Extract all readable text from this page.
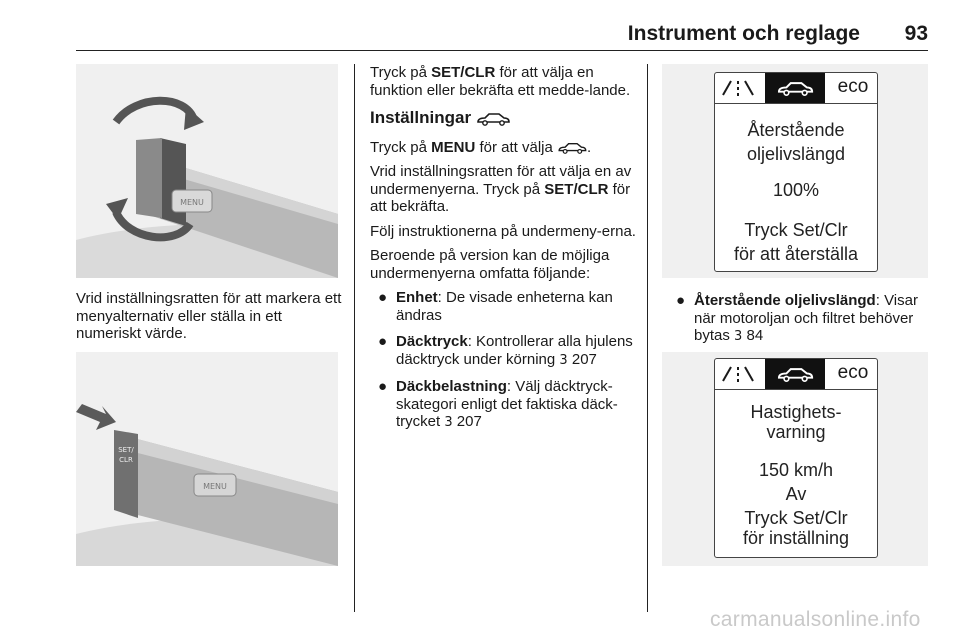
Instrument och reglage	93
MENU
Vrid inställningsratten för att markera ett menyalternativ eller ställa in ett numeriskt värde.
SET/
CLR
MENU

Tryck på SET/CLR för att välja en funktion eller bekräfta ett medde-lande.

Inställningar

Tryck på MENU för att välja .

Vrid inställningsratten för att välja en av undermenyerna. Tryck på SET/CLR för att bekräfta.

Följ instruktionerna på undermeny-erna.

Beroende på version kan de möjliga undermenyerna omfatta följande:

● Enhet: De visade enheterna kan ändras
● Däcktryck: Kontrollerar alla hjulens däcktryck under körning 3 207
● Däckbelastning: Välj däcktryck-skategori enligt det faktiska däck-trycket 3 207
eco
Återstående
oljelivslängd
100%
Tryck Set/Clr
för att återställa
● Återstående oljelivslängd: Visar när motoroljan och filtret behöver bytas 3 84
eco
Hastighets-
varning
150 km/h
Av
Tryck Set/Clr
för inställning
carmanualsonline.info
